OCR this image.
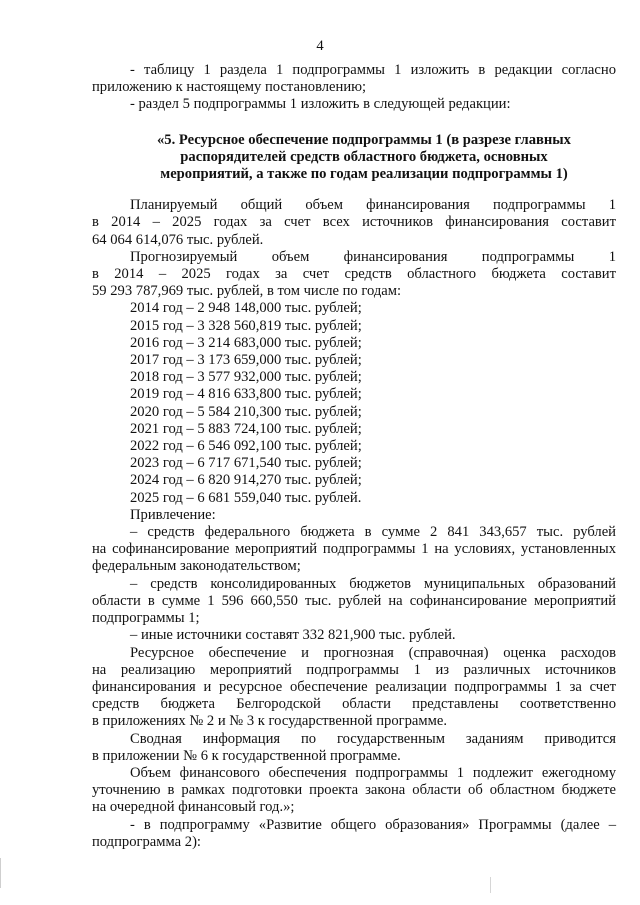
4

- таблицу 1 раздела 1 подпрограммы 1 изложить в редакции согласно

приложению к настоящему постановлению;

- раздел 5 подпрограммы 1 изложить в следующей редакции:

«5. Ресурсное обеспечение подпрограммы 1 (в разрезе главных
распорядителей средств областного бюджета, основных
мероприятий, а также по годам реализации подпрограммы 1)

Планируемый общий объем финансирования подпрограммы 1

в 2014 – 2025 годах за счет всех источников финансирования составит

64 064 614,076 тыс. рублей.

Прогнозируемый объем финансирования подпрограммы 1

в 2014 – 2025 годах за счет средств областного бюджета составит

59 293 787,969 тыс. рублей, в том числе по годам:

2014 год – 2 948 148,000 тыс. рублей;
2015 год – 3 328 560,819 тыс. рублей;
2016 год – 3 214 683,000 тыс. рублей;
2017 год – 3 173 659,000 тыс. рублей;
2018 год – 3 577 932,000 тыс. рублей;
2019 год – 4 816 633,800 тыс. рублей;
2020 год – 5 584 210,300 тыс. рублей;
2021 год – 5 883 724,100 тыс. рублей;
2022 год – 6 546 092,100 тыс. рублей;
2023 год – 6 717 671,540 тыс. рублей;
2024 год – 6 820 914,270 тыс. рублей;
2025 год – 6 681 559,040 тыс. рублей.

Привлечение:

– средств федерального бюджета в сумме 2 841 343,657 тыс. рублей

на софинансирование мероприятий подпрограммы 1 на условиях, установленных

федеральным законодательством;

– средств консолидированных бюджетов муниципальных образований

области в сумме 1 596 660,550 тыс. рублей на софинансирование мероприятий

подпрограммы 1;

– иные источники составят 332 821,900 тыс. рублей.

Ресурсное обеспечение и прогнозная (справочная) оценка расходов

на реализацию мероприятий подпрограммы 1 из различных источников

финансирования и ресурсное обеспечение реализации подпрограммы 1 за счет

средств бюджета Белгородской области представлены соответственно

в приложениях № 2 и № 3 к государственной программе.

Сводная информация по государственным заданиям приводится

в приложении № 6 к государственной программе.

Объем финансового обеспечения подпрограммы 1 подлежит ежегодному

уточнению в рамках подготовки проекта закона области об областном бюджете

на очередной финансовый год.»;

- в подпрограмму «Развитие общего образования» Программы (далее –

подпрограмма 2):
